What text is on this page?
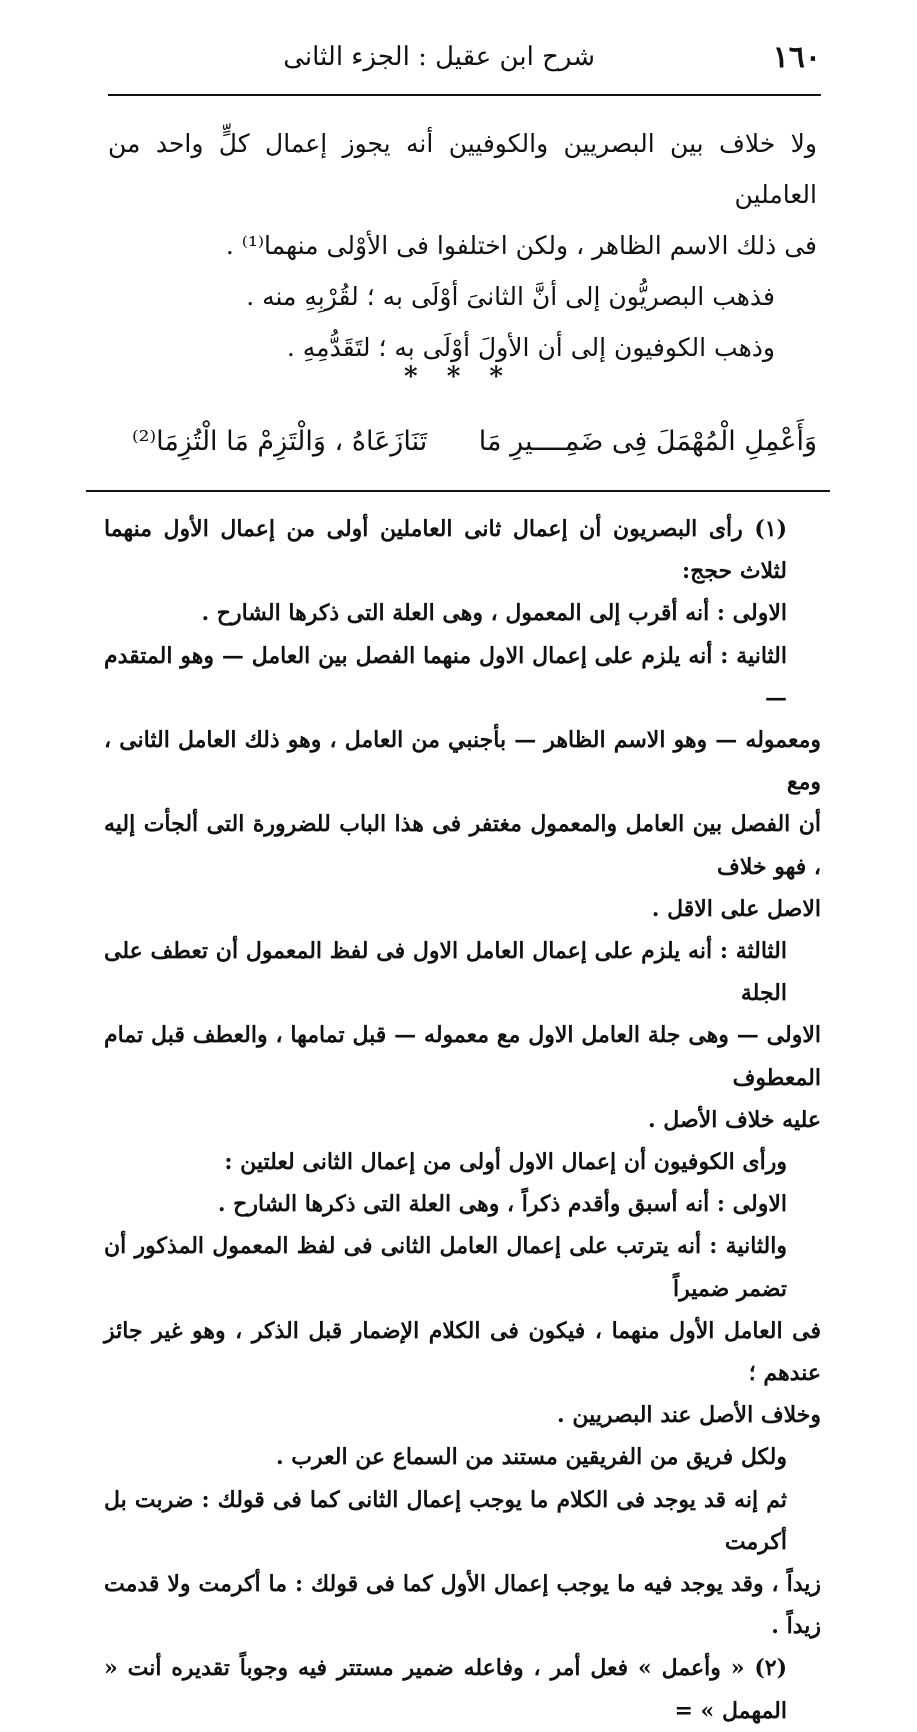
١٦٠
شرح ابن عقيل : الجزء الثانى

ولا خلاف بين البصريين والكوفيين أنه يجوز إعمال كلٍّ واحد من العاملين

فى ذلك الاسم الظاهر ، ولكن اختلفوا فى الأوْلى منهما⁽¹⁾ .

فذهب البصريُّون إلى أنَّ الثانىَ أوْلَى به ؛ لقُرْبِهِ منه .

وذهب الكوفيون إلى أن الأولَ أوْلَى به ؛ لتَقَدُّمِهِ .

* * *
وَأَعْمِلِ الْمُهْمَلَ فِى ضَمِــــيرِ مَا
تَنَازَعَاهُ ، وَالْتَزِمْ مَا الْتُزِمَا⁽²⁾

(١) رأى البصريون أن إعمال ثانى العاملين أولى من إعمال الأول منهما لثلاث حجج:

الاولى : أنه أقرب إلى المعمول ، وهى العلة التى ذكرها الشارح .

الثانية : أنه يلزم على إعمال الاول منهما الفصل بين العامل — وهو المتقدم —

ومعموله — وهو الاسم الظاهر — بأجنبي من العامل ، وهو ذلك العامل الثانى ، ومع

أن الفصل بين العامل والمعمول مغتفر فى هذا الباب للضرورة التى ألجأت إليه ، فهو خلاف

الاصل على الاقل .

الثالثة : أنه يلزم على إعمال العامل الاول فى لفظ المعمول أن تعطف على الجلة

الاولى — وهى جلة العامل الاول مع معموله — قبل تمامها ، والعطف قبل تمام المعطوف

عليه خلاف الأصل .

ورأى الكوفيون أن إعمال الاول أولى من إعمال الثانى لعلتين :

الاولى : أنه أسبق وأقدم ذكراً ، وهى العلة التى ذكرها الشارح .

والثانية : أنه يترتب على إعمال العامل الثانى فى لفظ المعمول المذكور أن تضمر ضميراً

فى العامل الأول منهما ، فيكون فى الكلام الإضمار قبل الذكر ، وهو غير جائز عندهم ؛

وخلاف الأصل عند البصريين .

ولكل فريق من الفريقين مستند من السماع عن العرب .

ثم إنه قد يوجد فى الكلام ما يوجب إعمال الثانى كما فى قولك : ضربت بل أكرمت

زيداً ، وقد يوجد فيه ما يوجب إعمال الأول كما فى قولك : ما أكرمت ولا قدمت زيداً .

(٢) « وأعمل » فعل أمر ، وفاعله ضمير مستتر فيه وجوباً تقديره أنت « المهمل » =
